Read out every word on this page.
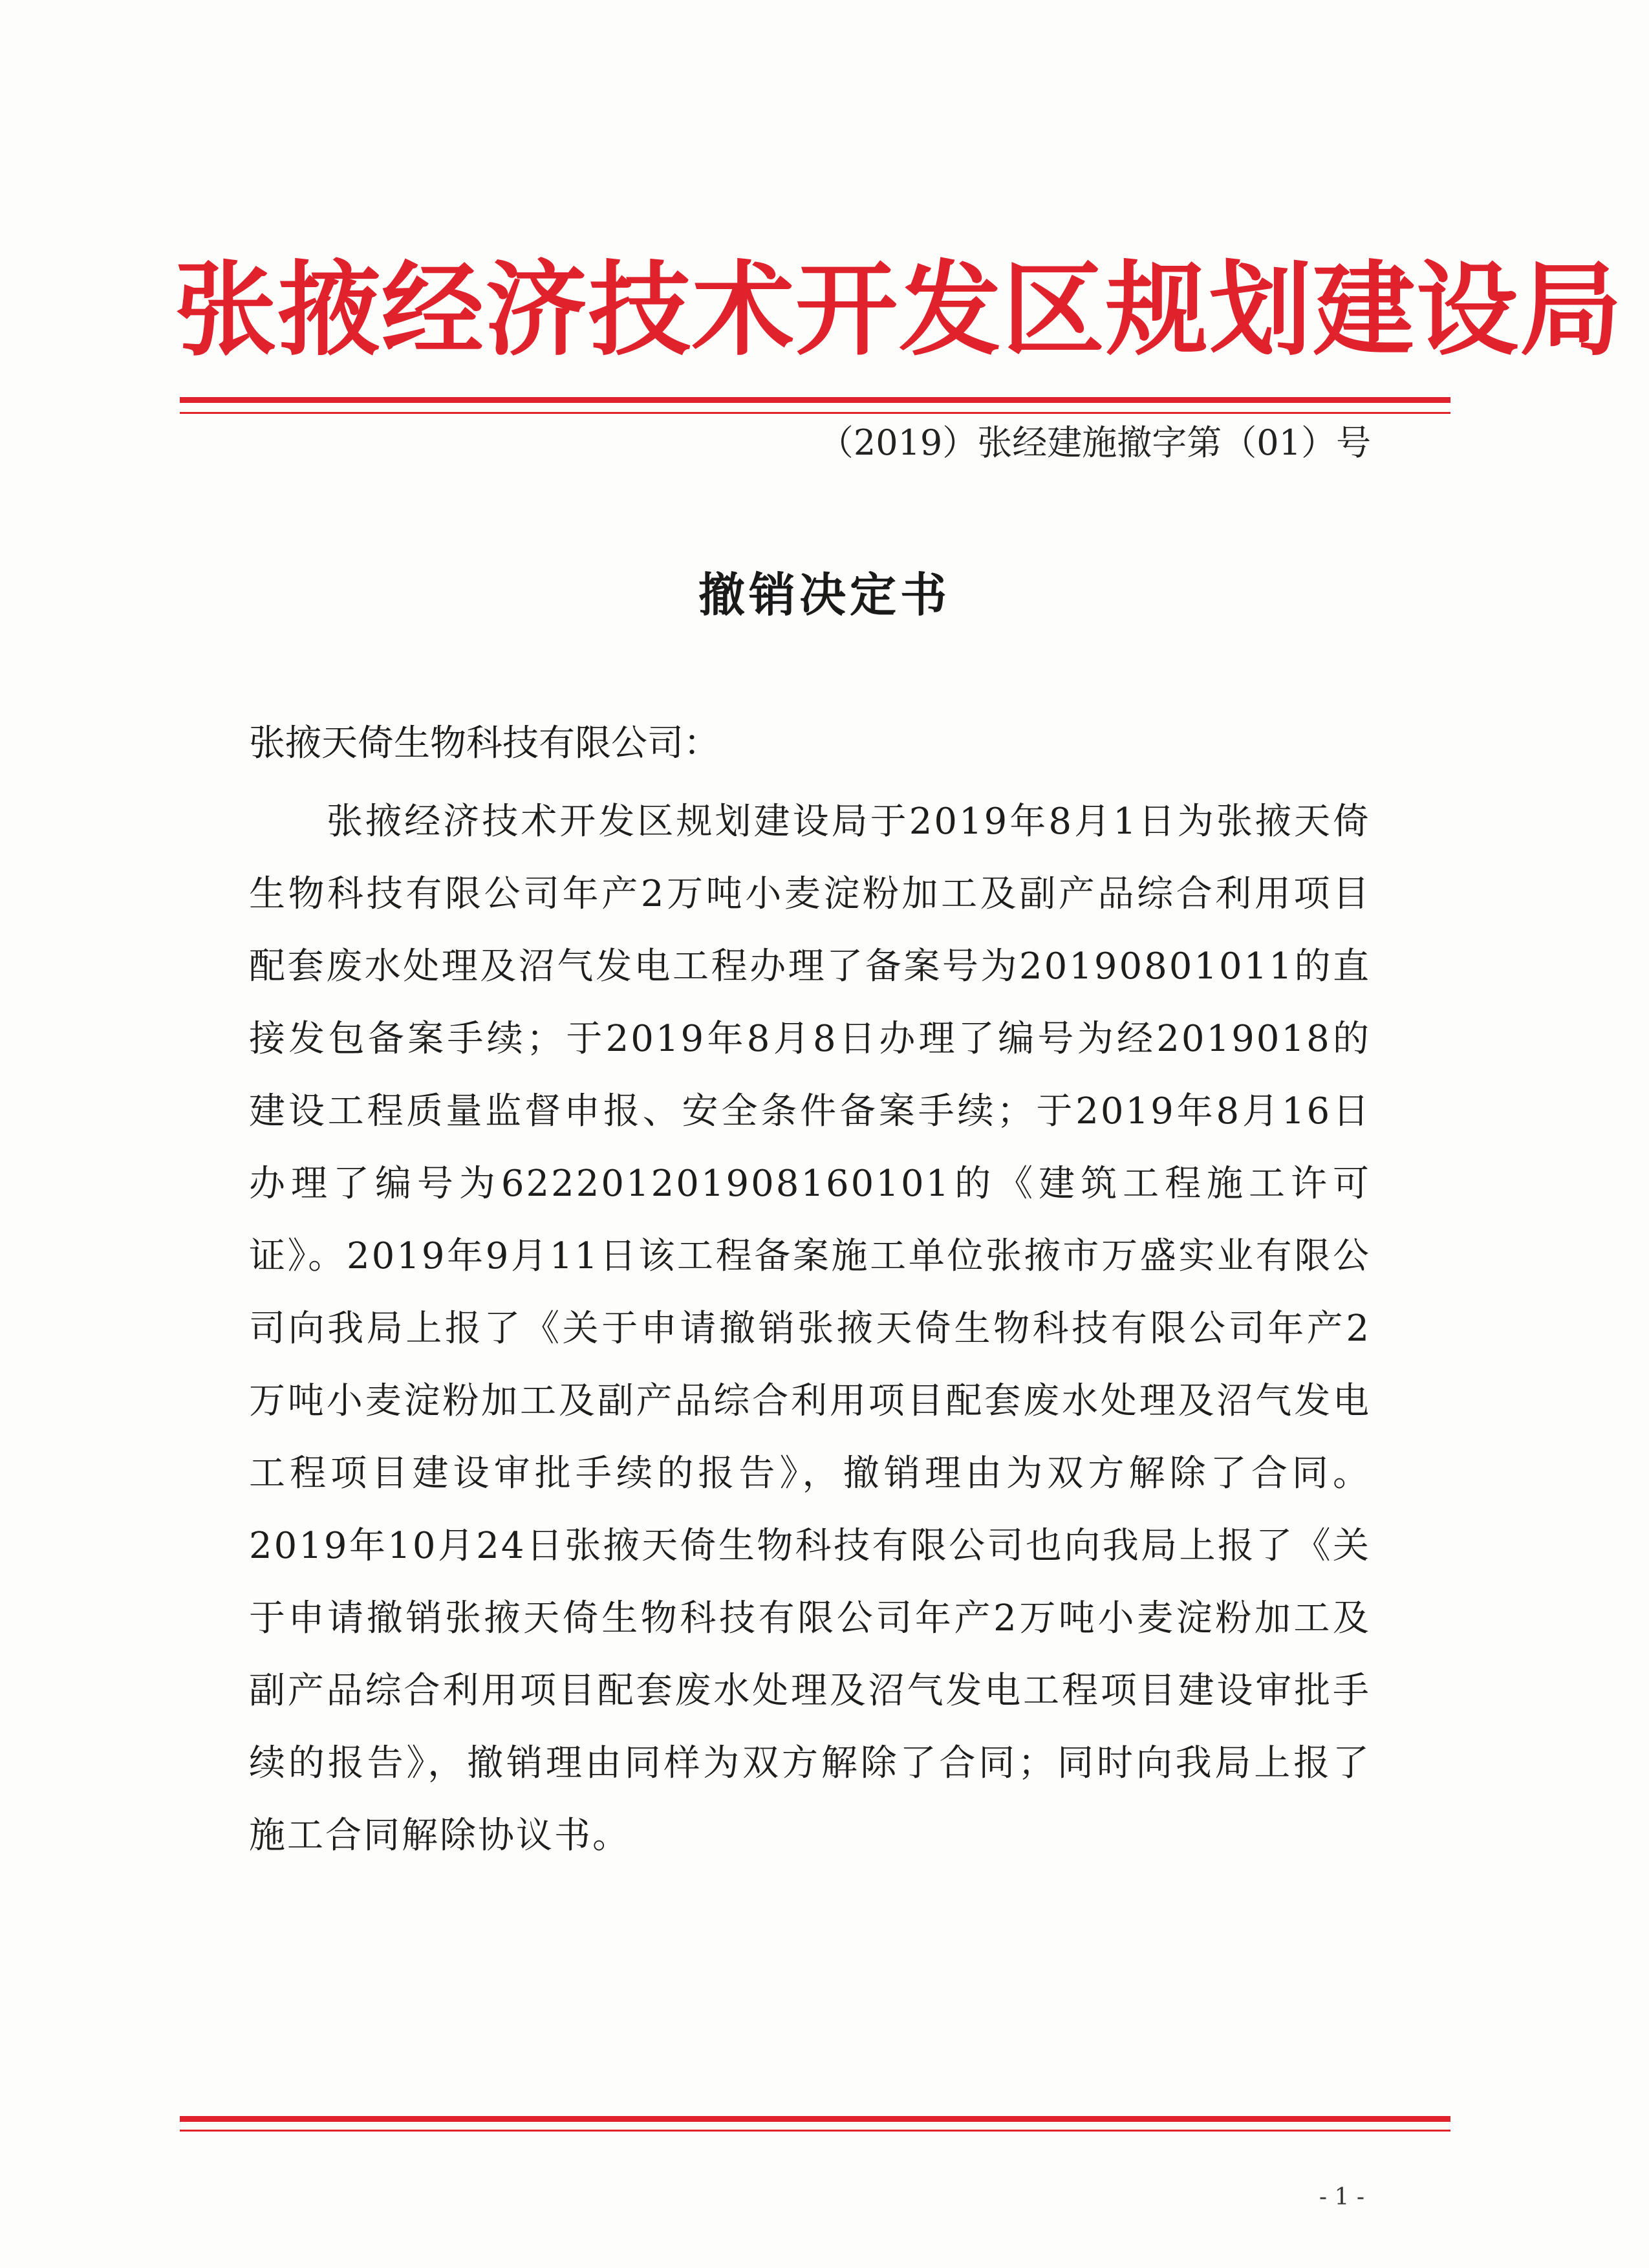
张掖经济技术开发区规划建设局
（2019）张经建施撤字第（01）号
撤销决定书
张掖天倚生物科技有限公司：
张掖经济技术开发区规划建设局于2019年8月1日为张掖天倚生物科技有限公司年产2万吨小麦淀粉加工及副产品综合利用项目配套废水处理及沼气发电工程办理了备案号为20190801011的直接发包备案手续；于2019年8月8日办理了编号为经2019018的建设工程质量监督申报、安全条件备案手续；于2019年8月16日办理了编号为622201201908160101的《建筑工程施工许可证》。2019年9月11日该工程备案施工单位张掖市万盛实业有限公司向我局上报了《关于申请撤销张掖天倚生物科技有限公司年产2万吨小麦淀粉加工及副产品综合利用项目配套废水处理及沼气发电工程项目建设审批手续的报告》，撤销理由为双方解除了合同。2019年10月24日张掖天倚生物科技有限公司也向我局上报了《关于申请撤销张掖天倚生物科技有限公司年产2万吨小麦淀粉加工及副产品综合利用项目配套废水处理及沼气发电工程项目建设审批手续的报告》，撤销理由同样为双方解除了合同；同时向我局上报了施工合同解除协议书。
- 1 -
